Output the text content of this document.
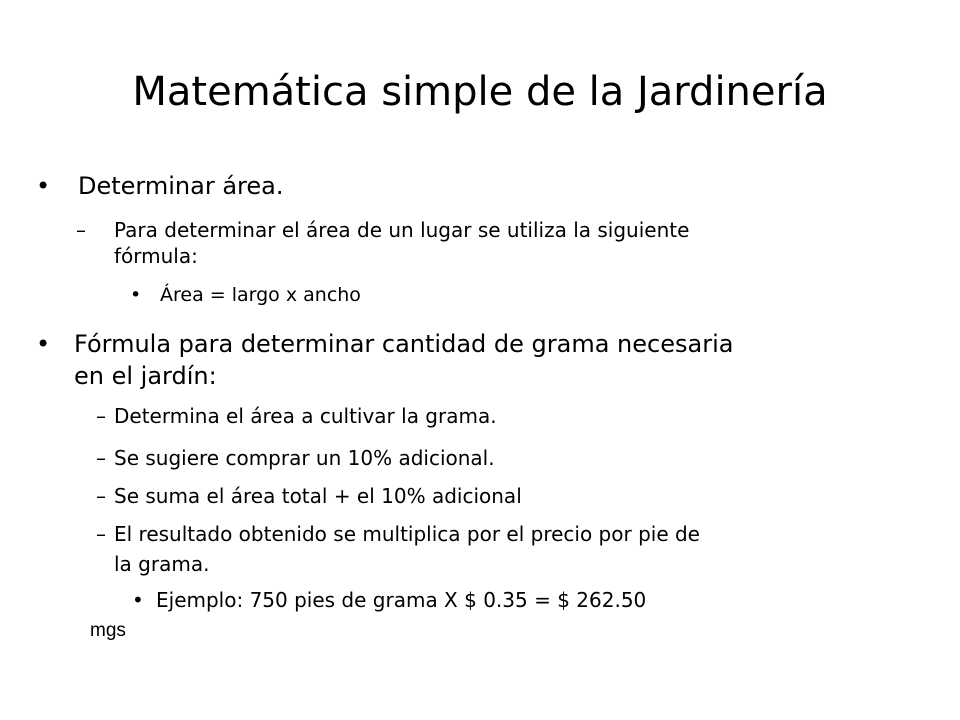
Matemática simple de la Jardinería
• Determinar área.
– Para determinar el área de un lugar se utiliza la siguiente
fórmula:
• Área = largo x ancho
• Fórmula para determinar cantidad de grama necesaria
en el jardín:
– Determina el área a cultivar la grama.
– Se sugiere comprar un 10% adicional.
– Se suma el área total + el 10% adicional
– El resultado obtenido se multiplica por el precio por pie de
la grama.
• Ejemplo: 750 pies de grama X $ 0.35 = $ 262.50
mgs
